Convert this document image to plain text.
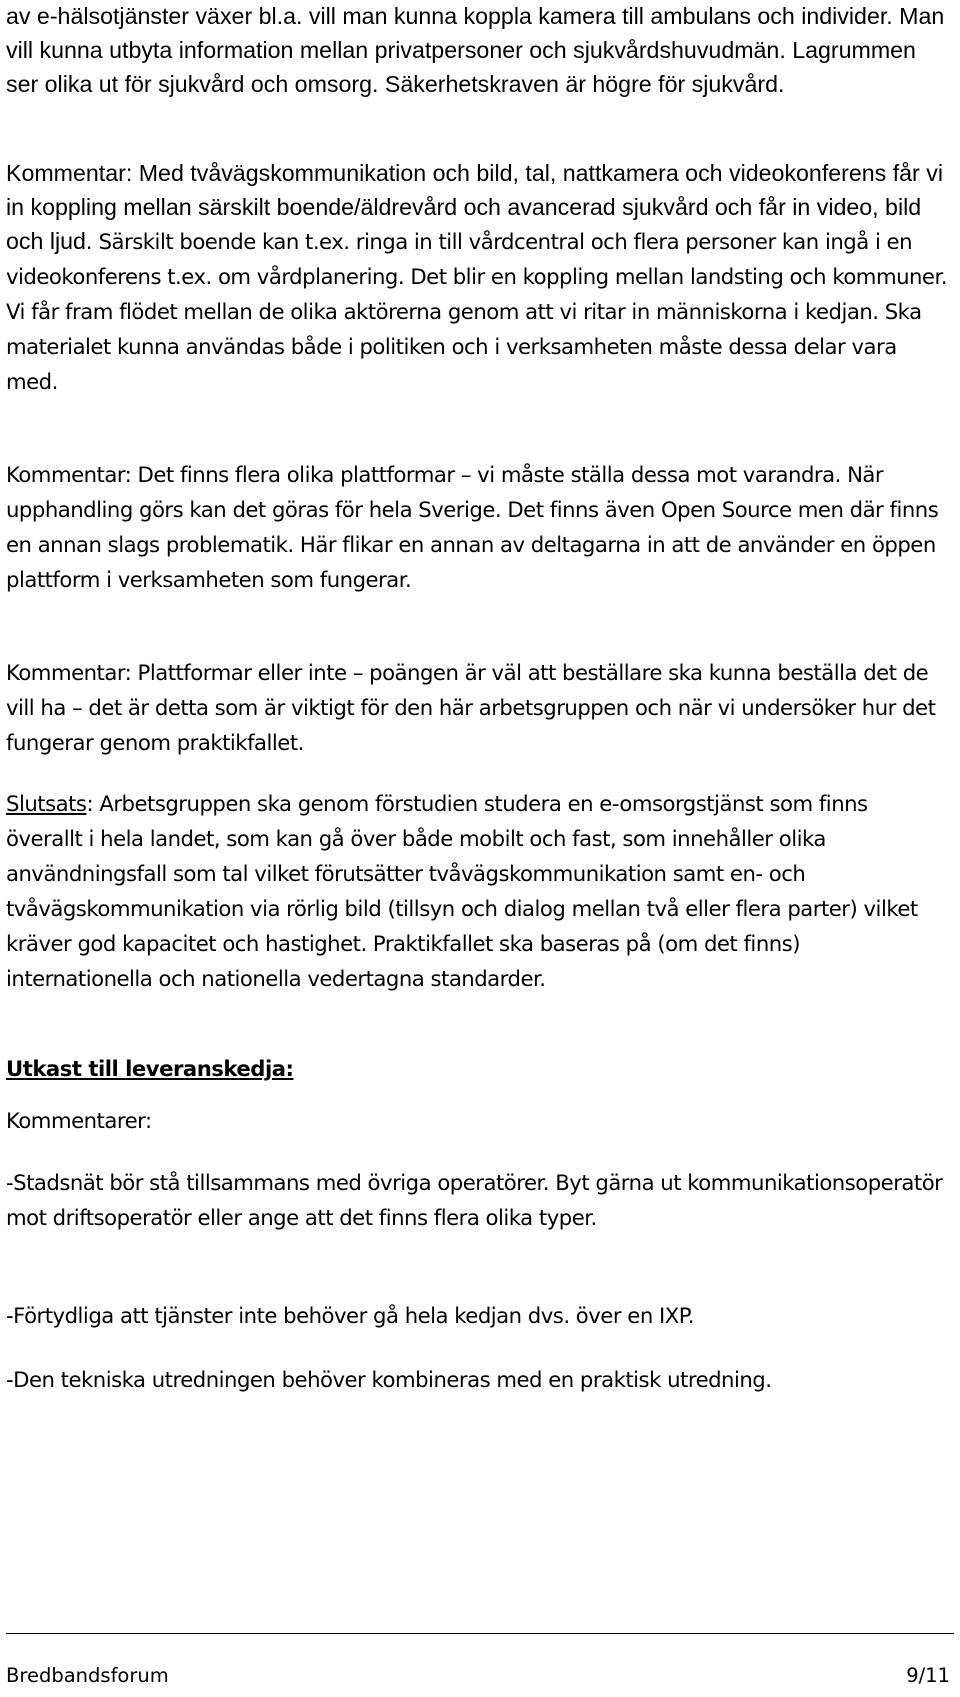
av e-hälsotjänster växer bl.a. vill man kunna koppla kamera till ambulans och individer. Man vill kunna utbyta information mellan privatpersoner och sjukvårdshuvudmän. Lagrummen ser olika ut för sjukvård och omsorg. Säkerhetskraven är högre för sjukvård.

Kommentar: Med tvåvägskommunikation och bild, tal, nattkamera och videokonferens får vi in koppling mellan särskilt boende/äldrevård och avancerad sjukvård och får in video, bild och ljud. Särskilt boende kan t.ex. ringa in till vårdcentral och flera personer kan ingå i en videokonferens t.ex. om vårdplanering. Det blir en koppling mellan landsting och kommuner. Vi får fram flödet mellan de olika aktörerna genom att vi ritar in människorna i kedjan. Ska materialet kunna användas både i politiken och i verksamheten måste dessa delar vara med.

Kommentar: Det finns flera olika plattformar – vi måste ställa dessa mot varandra. När upphandling görs kan det göras för hela Sverige. Det finns även Open Source men där finns en annan slags problematik. Här flikar en annan av deltagarna in att de använder en öppen plattform i verksamheten som fungerar.

Kommentar: Plattformar eller inte – poängen är väl att beställare ska kunna beställa det de vill ha – det är detta som är viktigt för den här arbetsgruppen och när vi undersöker hur det fungerar genom praktikfallet.

Slutsats: Arbetsgruppen ska genom förstudien studera en e-omsorgstjänst som finns överallt i hela landet, som kan gå över både mobilt och fast, som innehåller olika användningsfall som tal vilket förutsätter tvåvägskommunikation samt en- och tvåvägskommunikation via rörlig bild (tillsyn och dialog mellan två eller flera parter) vilket kräver god kapacitet och hastighet. Praktikfallet ska baseras på (om det finns) internationella och nationella vedertagna standarder.

Utkast till leveranskedja:

Kommentarer:

-Stadsnät bör stå tillsammans med övriga operatörer. Byt gärna ut kommunikationsoperatör mot driftsoperatör eller ange att det finns flera olika typer.

-Förtydliga att tjänster inte behöver gå hela kedjan dvs. över en IXP.

-Den tekniska utredningen behöver kombineras med en praktisk utredning.

Bredbandsforum	9/11
